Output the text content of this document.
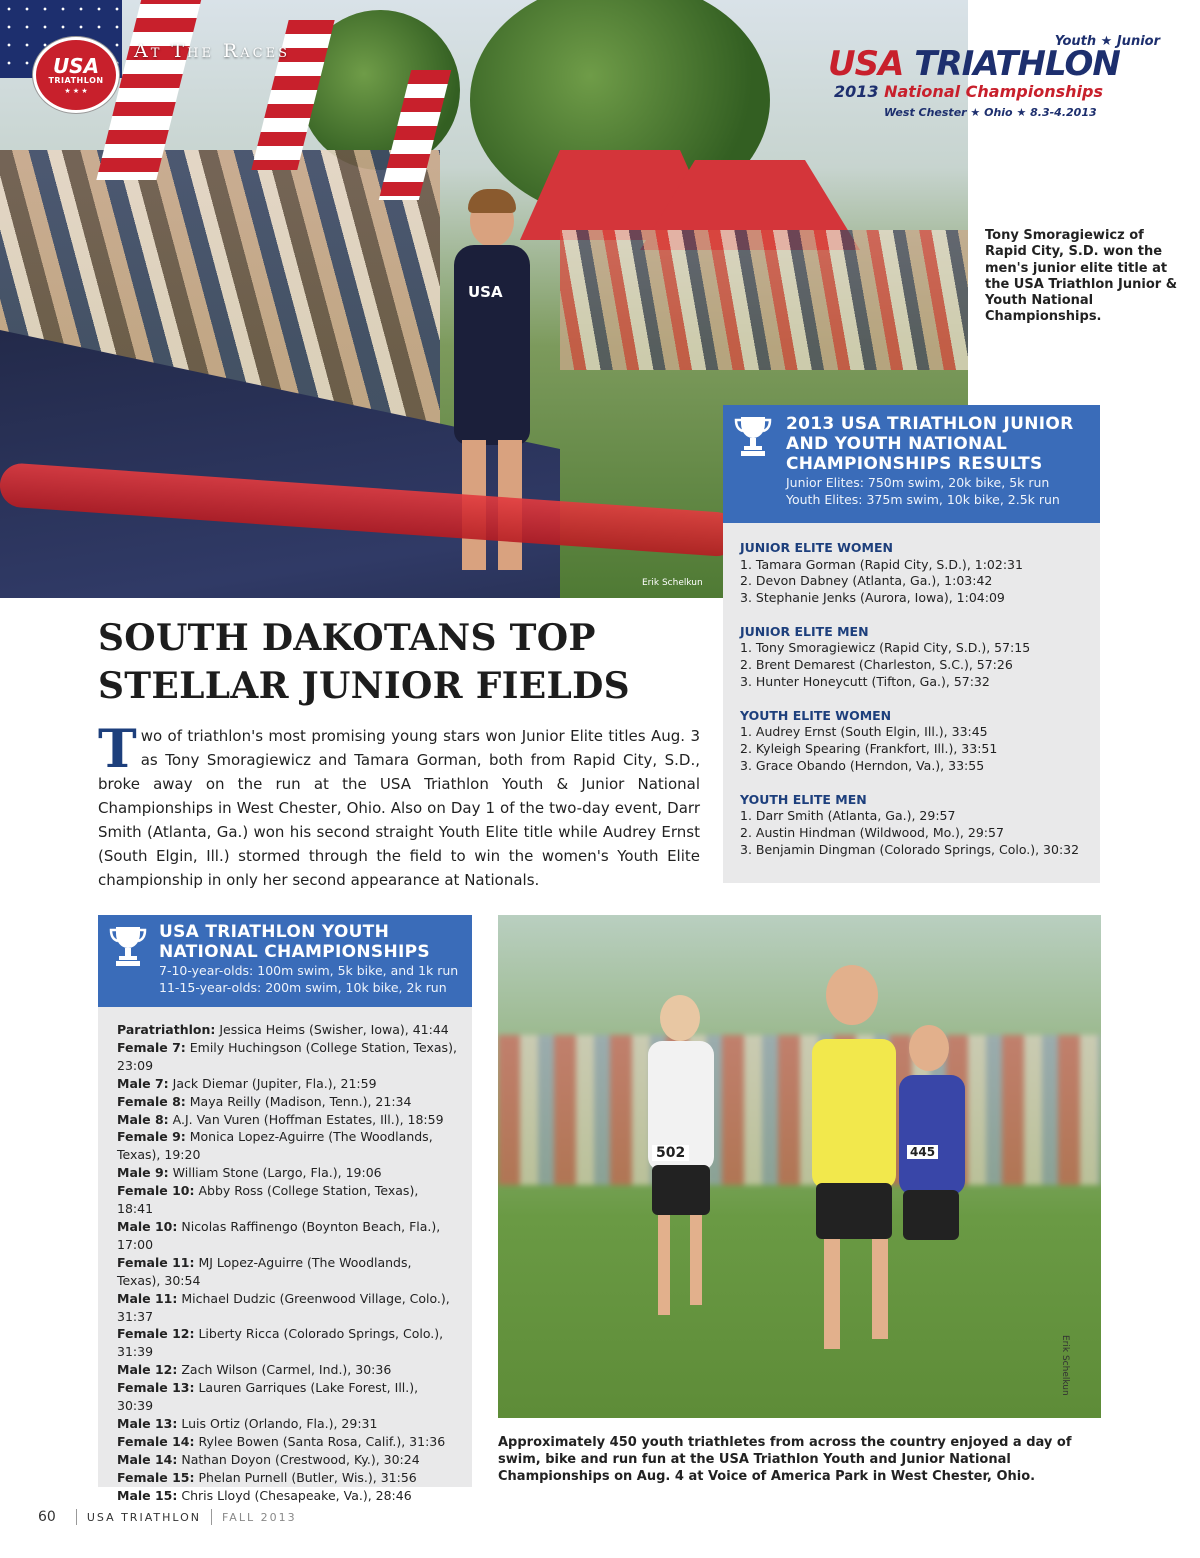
USA
Erik Schelkun
USA
TRIATHLON
★ ★ ★
At The Races	Youth ★ Junior
USA TRIATHLON
2013 National Championships
West Chester ★ Ohio ★ 8.3-4.2013
Tony Smoragiewicz of Rapid City, S.D. won the men's junior elite title at the USA Triathlon Junior & Youth National Championships.
2013 USA TRIATHLON JUNIOR AND YOUTH NATIONAL CHAMPIONSHIPS RESULTS
Junior Elites: 750m swim, 20k bike, 5k run
Youth Elites: 375m swim, 10k bike, 2.5k run
JUNIOR ELITE WOMEN
1. Tamara Gorman (Rapid City, S.D.), 1:02:31
2. Devon Dabney (Atlanta, Ga.), 1:03:42
3. Stephanie Jenks (Aurora, Iowa), 1:04:09
JUNIOR ELITE MEN
1. Tony Smoragiewicz (Rapid City, S.D.), 57:15
2. Brent Demarest (Charleston, S.C.), 57:26
3. Hunter Honeycutt (Tifton, Ga.), 57:32
YOUTH ELITE WOMEN
1. Audrey Ernst (South Elgin, Ill.), 33:45
2. Kyleigh Spearing (Frankfort, Ill.), 33:51
3. Grace Obando (Herndon, Va.), 33:55
YOUTH ELITE MEN
1. Darr Smith (Atlanta, Ga.), 29:57
2. Austin Hindman (Wildwood, Mo.), 29:57
3. Benjamin Dingman (Colorado Springs, Colo.), 30:32
SOUTH DAKOTANS TOP
STELLAR JUNIOR FIELDS
Two of triathlon's most promising young stars won Junior Elite titles Aug. 3 as Tony Smoragiewicz and Tamara Gorman, both from Rapid City, S.D., broke away on the run at the USA Triathlon Youth & Junior National Championships in West Chester, Ohio. Also on Day 1 of the two-day event, Darr Smith (Atlanta, Ga.) won his second straight Youth Elite title while Audrey Ernst (South Elgin, Ill.) stormed through the field to win the women's Youth Elite championship in only her second appearance at Nationals.
USA TRIATHLON YOUTH
NATIONAL CHAMPIONSHIPS
7-10-year-olds: 100m swim, 5k bike, and 1k run
11-15-year-olds: 200m swim, 10k bike, 2k run
Paratriathlon: Jessica Heims (Swisher, Iowa), 41:44
Female 7: Emily Huchingson (College Station, Texas),
23:09
Male 7: Jack Diemar (Jupiter, Fla.), 21:59
Female 8: Maya Reilly (Madison, Tenn.), 21:34
Male 8: A.J. Van Vuren (Hoffman Estates, Ill.), 18:59
Female 9: Monica Lopez-Aguirre (The Woodlands,
Texas), 19:20
Male 9: William Stone (Largo, Fla.), 19:06
Female 10: Abby Ross (College Station, Texas), 18:41
Male 10: Nicolas Raffinengo (Boynton Beach, Fla.),
17:00
Female 11: MJ Lopez-Aguirre (The Woodlands,
Texas), 30:54
Male 11: Michael Dudzic (Greenwood Village, Colo.),
31:37
Female 12: Liberty Ricca (Colorado Springs, Colo.),
31:39
Male 12: Zach Wilson (Carmel, Ind.), 30:36
Female 13: Lauren Garriques (Lake Forest, Ill.), 30:39
Male 13: Luis Ortiz (Orlando, Fla.), 29:31
Female 14: Rylee Bowen (Santa Rosa, Calif.), 31:36
Male 14: Nathan Doyon (Crestwood, Ky.), 30:24
Female 15: Phelan Purnell (Butler, Wis.), 31:56
Male 15: Chris Lloyd (Chesapeake, Va.), 28:46
502	445
Erik Schelkun
Approximately 450 youth triathletes from across the country enjoyed a day of swim, bike and run fun at the USA Triathlon Youth and Junior National Championships on Aug. 4 at Voice of America Park in West Chester, Ohio.
60	USA TRIATHLON FALL 2013
